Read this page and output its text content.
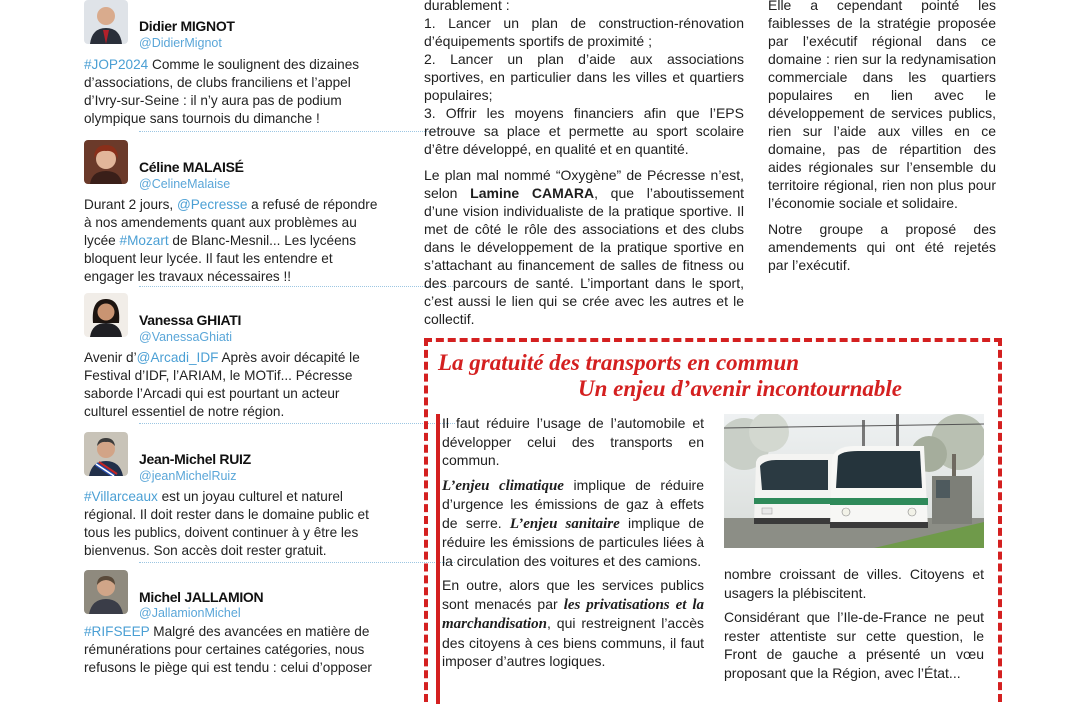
Didier MIGNOT
@DidierMignot
#JOP2024 Comme le soulignent des dizaines d’associations, de clubs franciliens et l’appel d’Ivry-sur-Seine : il n’y aura pas de podium olympique sans tournois du dimanche !
Céline MALAISÉ
@CelineMalaise
Durant 2 jours, @Pecresse a refusé de répondre à nos amendements quant aux problèmes au lycée #Mozart de Blanc-Mesnil... Les lycéens bloquent leur lycée. Il faut les entendre et engager les travaux nécessaires !!
Vanessa GHIATI
@VanessaGhiati
Avenir d’@Arcadi_IDF Après avoir décapité le Festival d’IDF, l’ARIAM, le MOTif... Pécresse saborde l’Arcadi qui est pourtant un acteur culturel essentiel de notre région.
Jean-Michel RUIZ
@jeanMichelRuiz
#Villarceaux est un joyau culturel et naturel régional. Il doit rester dans le domaine public et tous les publics, doivent continuer à y être les bienvenus. Son accès doit rester gratuit.
Michel JALLAMION
@JallamionMichel
#RIFSEEP Malgré des avancées en matière de rémunérations pour certaines catégories, nous refusons le piège qui est tendu : celui d’opposer

durablement :

1. Lancer un plan de construction-rénovation d’équipements sportifs de proximité ;
2. Lancer un plan d’aide aux associations sportives, en particulier dans les villes et quartiers populaires;
3. Offrir les moyens financiers afin que l’EPS retrouve sa place et permette au sport scolaire d’être développé, en qualité et en quantité.

Le plan mal nommé “Oxygène” de Pécresse n’est, selon Lamine CAMARA, que l’aboutissement d’une vision individualiste de la pratique sportive. Il met de côté le rôle des associations et des clubs dans le développement de la pratique sportive en s’attachant au financement de salles de fitness ou des parcours de santé. L’important dans le sport, c’est aussi le lien qui se crée avec les autres et le collectif.

Elle a cependant pointé les faiblesses de la stratégie proposée par l’exécutif régional dans ce domaine : rien sur la redynamisation commerciale dans les quartiers populaires en lien avec le développement de services publics, rien sur l’aide aux villes en ce domaine, pas de répartition des aides régionales sur l’ensemble du territoire régional, rien non plus pour l’économie sociale et solidaire.

Notre groupe a proposé des amendements qui ont été rejetés par l’exécutif.

La gratuité des transports en commun
Un enjeu d’avenir incontournable

Il faut réduire l’usage de l’automobile et développer celui des transports en commun.

L’enjeu climatique implique de réduire d’urgence les émissions de gaz à effets de serre. L’enjeu sanitaire implique de réduire les émissions de particules liées à la circulation des voitures et des camions.

En outre, alors que les services publics sont menacés par les privatisations et la marchandisation, qui restreignent l’accès des citoyens à ces biens communs, il faut imposer d’autres logiques.

nombre croissant de villes. Citoyens et usagers la plébiscitent.

Considérant que l’Ile-de-France ne peut rester attentiste sur cette question, le Front de gauche a présenté un vœu proposant que la Région, avec l’État...
